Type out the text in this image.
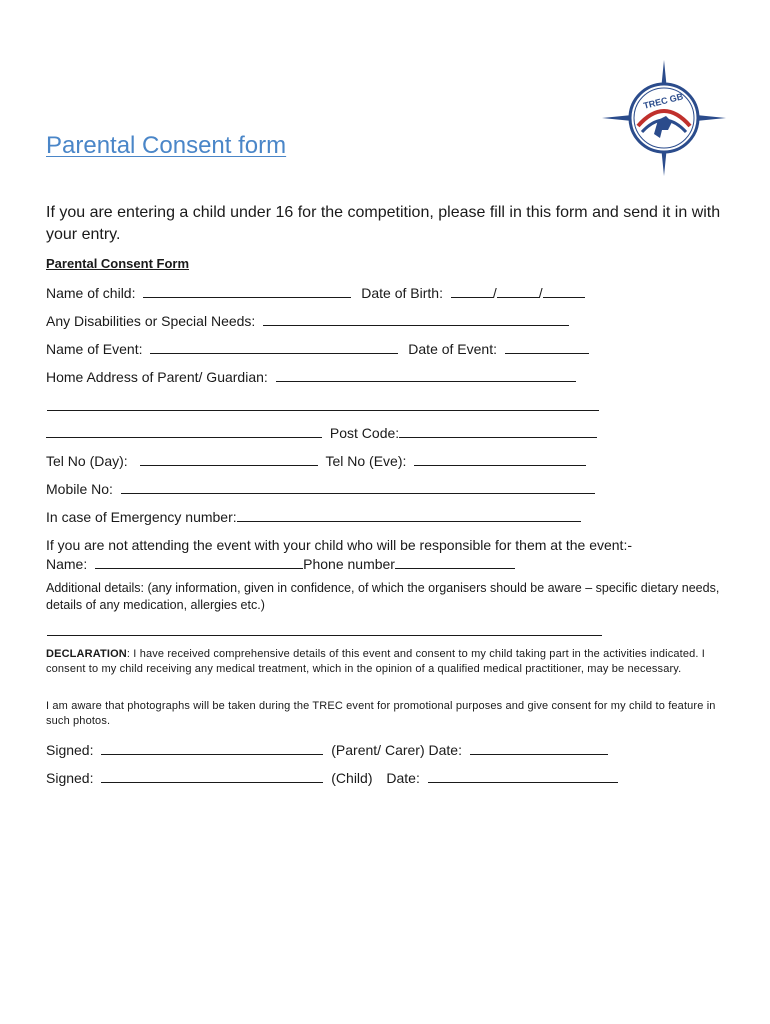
TREC GB
Parental Consent form
If you are entering a child under 16 for the competition, please fill in this form and send it in with your entry.
Parental Consent Form
Name of child:	Date of Birth:	/	/
Any Disabilities or Special Needs:
Name of Event:	Date of Event:
Home Address of Parent/ Guardian:
Post Code:
Tel No (Day):	Tel No (Eve):
Mobile No:
In case of Emergency number:
If you are not attending the event with your child who will be responsible for them at the event:-
Name:	Phone number
Additional details: (any information, given in confidence, of which the organisers should be aware – specific dietary needs, details of any medication, allergies etc.)
DECLARATION: I have received comprehensive details of this event and consent to my child taking part in the activities indicated. I consent to my child receiving any medical treatment, which in the opinion of a qualified medical practitioner, may be necessary.
I am aware that photographs will be taken during the TREC event for promotional purposes and give consent for my child to feature in such photos.
Signed:	(Parent/ Carer) Date:
Signed:	(Child) Date:
